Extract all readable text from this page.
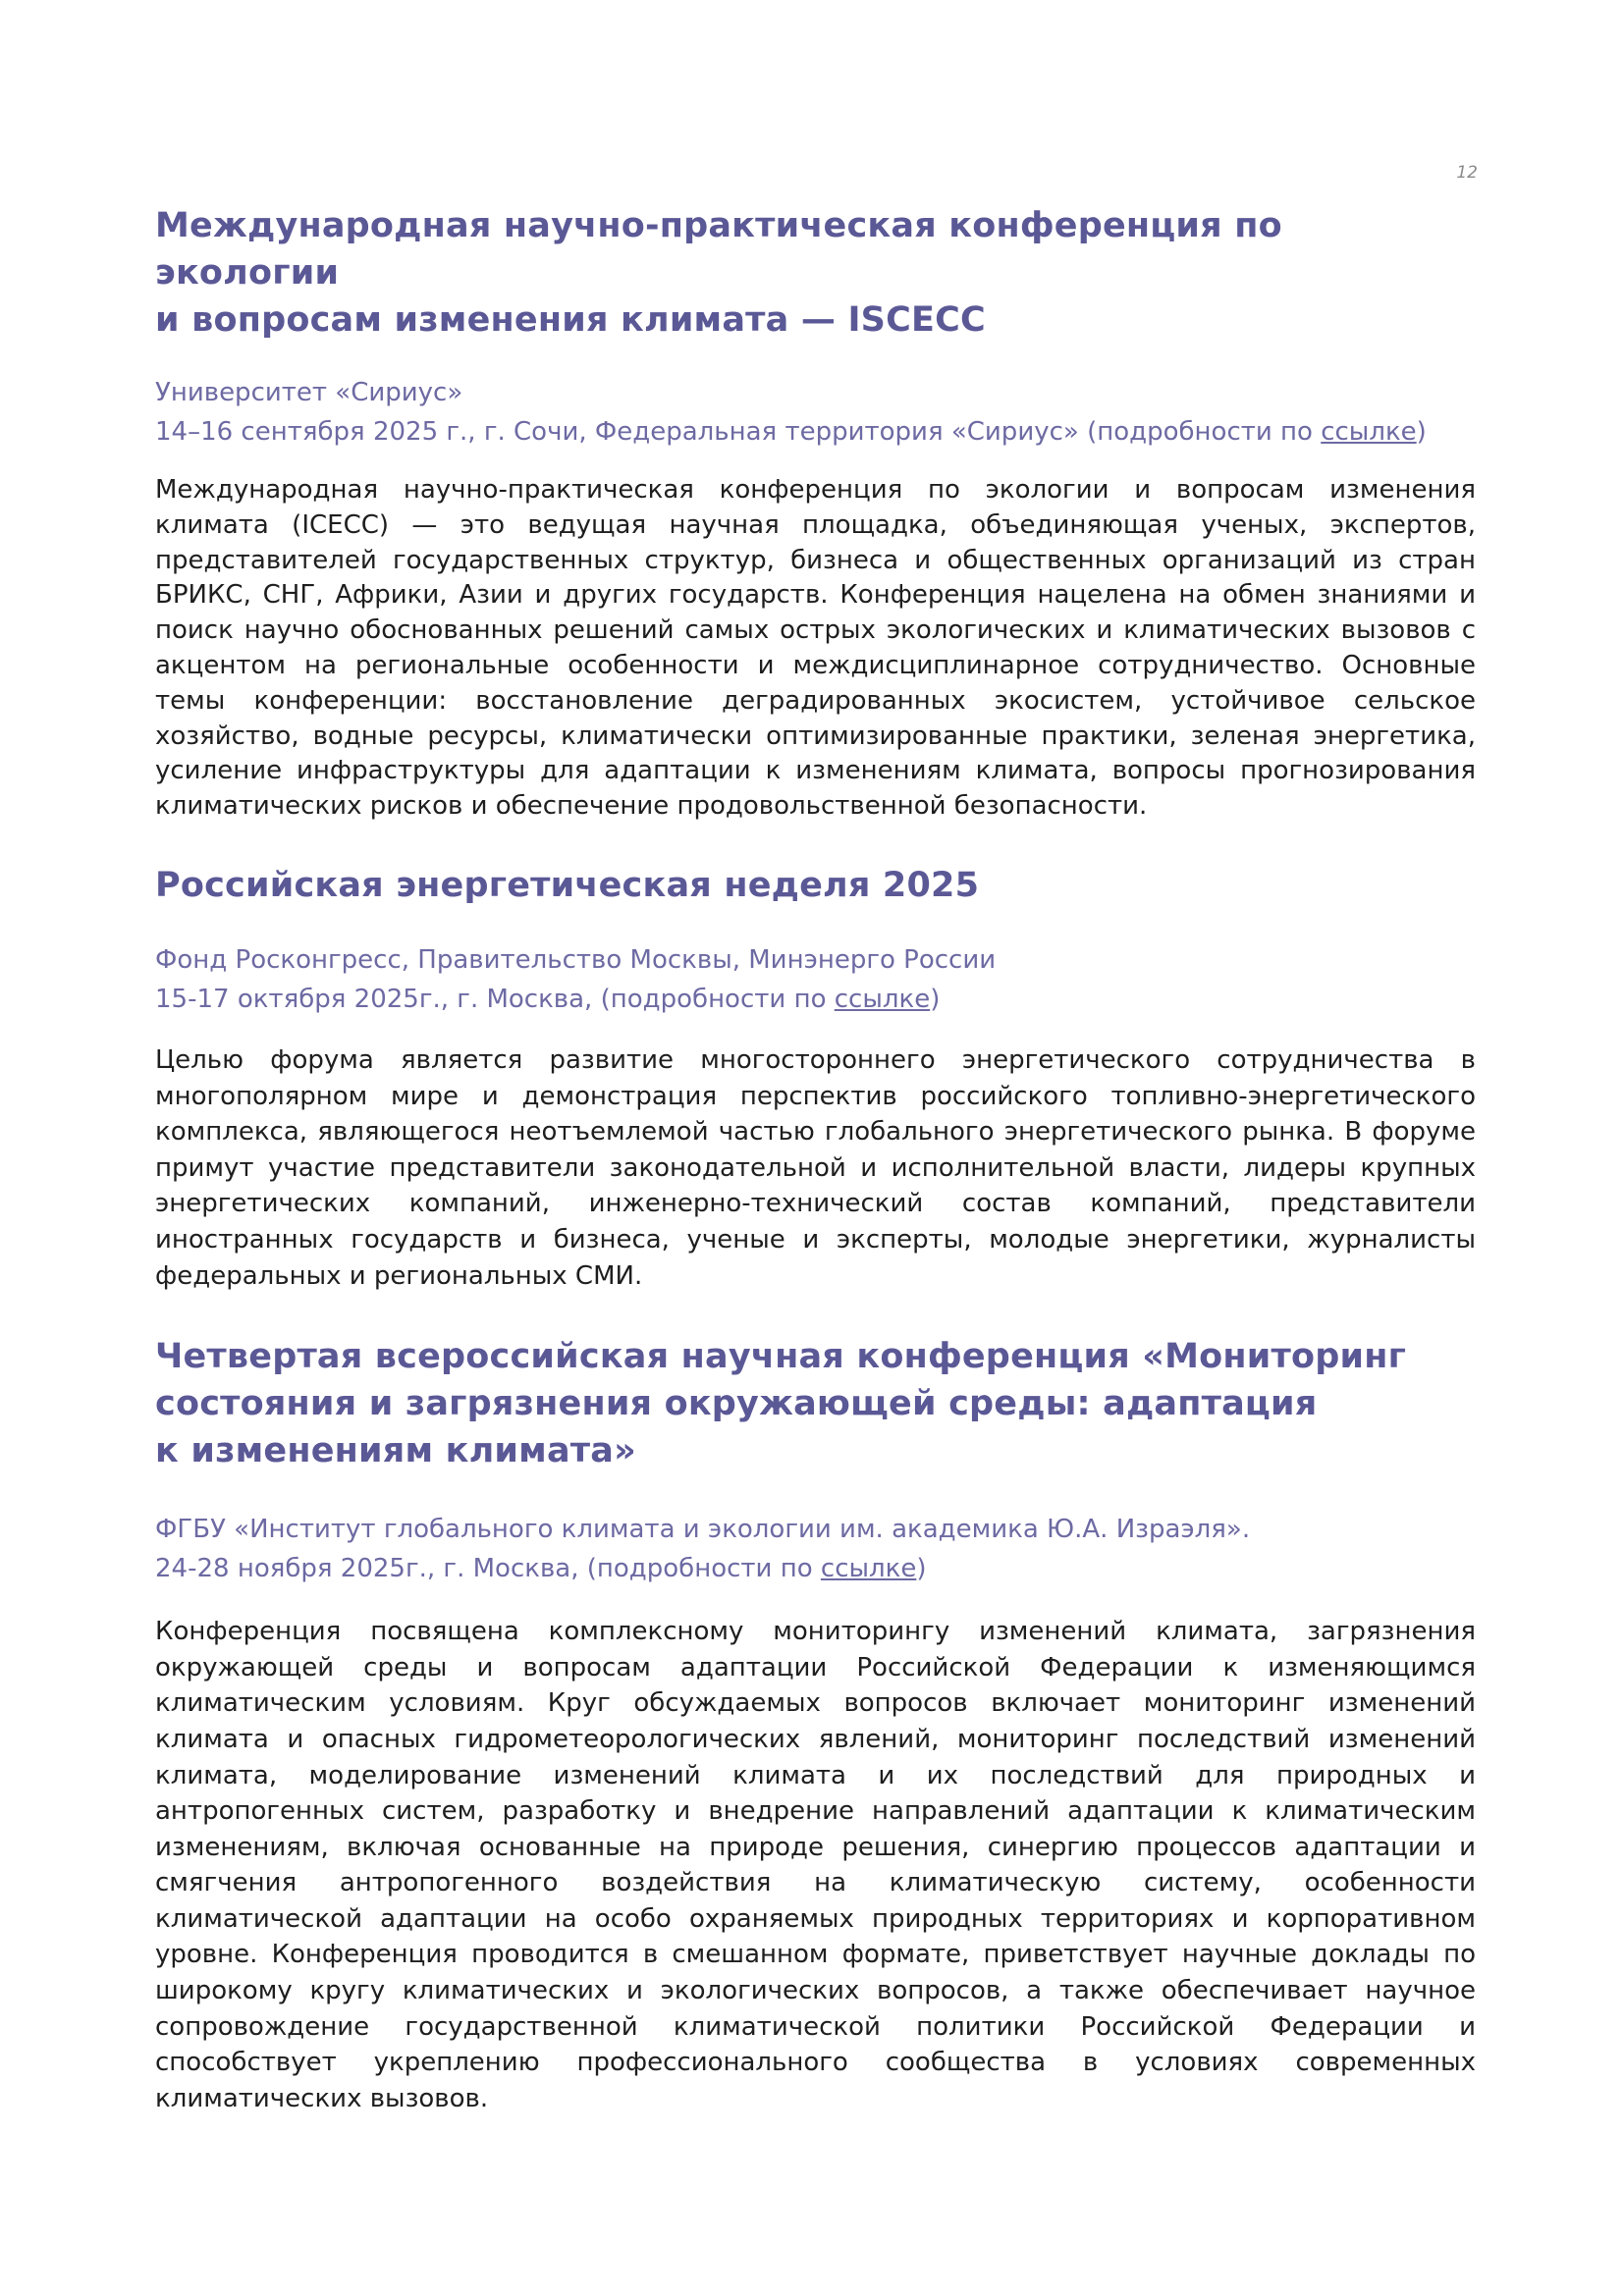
12
Международная научно-практическая конференция по экологии
и вопросам изменения климата — ISCECC
Университет «Сириус»
14–16 сентября 2025 г., г. Сочи, Федеральная территория «Сириус» (подробности по ссылке)

Международная научно-практическая конференция по экологии и вопросам изменения климата (ICECC) — это ведущая научная площадка, объединяющая ученых, экспертов, представителей государственных структур, бизнеса и общественных организаций из стран БРИКС, СНГ, Африки, Азии и других государств. Конференция нацелена на обмен знаниями и поиск научно обоснованных решений самых острых экологических и климатических вызовов с акцентом на региональные особенности и междисциплинарное сотрудничество. Основные темы конференции: восстановление деградированных экосистем, устойчивое сельское хозяйство, водные ресурсы, климатически оптимизированные практики, зеленая энергетика, усиление инфраструктуры для адаптации к изменениям климата, вопросы прогнозирования климатических рисков и обеспечение продовольственной безопасности.

Российская энергетическая неделя 2025
Фонд Росконгресс, Правительство Москвы, Минэнерго России
15-17 октября 2025г., г. Москва, (подробности по ссылке)

Целью форума является развитие многостороннего энергетического сотрудничества в многополярном мире и демонстрация перспектив российского топливно-энергетического комплекса, являющегося неотъемлемой частью глобального энергетического рынка. В форуме примут участие представители законодательной и исполнительной власти, лидеры крупных энергетических компаний, инженерно-технический состав компаний, представители иностранных государств и бизнеса, ученые и эксперты, молодые энергетики, журналисты федеральных и региональных СМИ.

Четвертая всероссийская научная конференция «Мониторинг
состояния и загрязнения окружающей среды: адаптация
к изменениям климата»
ФГБУ «Институт глобального климата и экологии им. академика Ю.А. Израэля».
24-28 ноября 2025г., г. Москва, (подробности по ссылке)

Конференция посвящена комплексному мониторингу изменений климата, загрязнения окружающей среды и вопросам адаптации Российской Федерации к изменяющимся климатическим условиям. Круг обсуждаемых вопросов включает мониторинг изменений климата и опасных гидрометеорологических явлений, мониторинг последствий изменений климата, моделирование изменений климата и их последствий для природных и антропогенных систем, разработку и внедрение направлений адаптации к климатическим изменениям, включая основанные на природе решения, синергию процессов адаптации и смягчения антропогенного воздействия на климатическую систему, особенности климатической адаптации на особо охраняемых природных территориях и корпоративном уровне. Конференция проводится в смешанном формате, приветствует научные доклады по широкому кругу климатических и экологических вопросов, а также обеспечивает научное сопровождение государственной климатической политики Российской Федерации и способствует укреплению профессионального сообщества в условиях современных климатических вызовов.
